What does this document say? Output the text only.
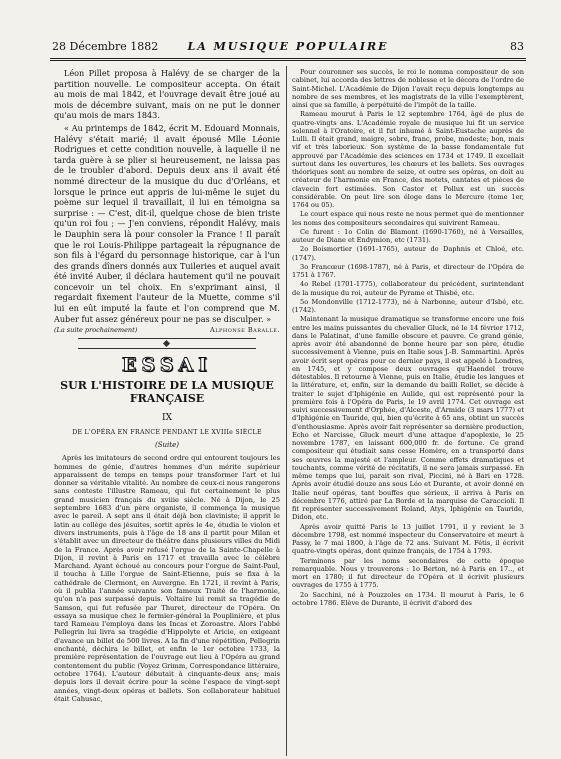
28 Décembre 1882	LA MUSIQUE POPULAIRE	83

Léon Pillet proposa à Halévy de se charger de la partition nouvelle. Le compositeur accepta. On était au mois de mai 1842, et l'ouvrage devait être joué au mois de décembre suivant, mais on ne put le donner qu'au mois de mars 1843.

« Au printemps de 1842, écrit M. Edouard Monnais, Halévy s'était marié; il avait épousé Mlle Léonie Rodrigues et cette condition nouvelle, à laquelle il ne tarda guère à se plier si heureusement, ne laissa pas de le troubler d'abord. Depuis deux ans il avait été nommé directeur de la musique du duc d'Orléans, et lorsque le prince eut appris de lui-même le sujet du poème sur lequel il travaillait, il lui en témoigna sa surprise : — C'est, dit-il, quelque chose de bien triste qu'un roi fou ; — J'en conviens, répondit Halévy, mais le Dauphin sera là pour consoler la France ! Il paraît que le roi Louis-Philippe partageait la répugnance de son fils à l'égard du personnage historique, car à l'un des grands dîners donnés aux Tuileries et auquel avait été invité Auber, il déclara hautement qu'il ne pouvait concevoir un tel choix. En s'exprimant ainsi, il regardait fixement l'auteur de la Muette, comme s'il lui en eût imputé la faute et l'on comprend que M. Auber fut assez généreux pour ne pas se disculper. »

(La suite prochainement)	Alphonse Baralle.
ESSAI
SUR L'HISTOIRE DE LA MUSIQUE FRANÇAISE
IX
DE L'OPÉRA EN FRANCE PENDANT LE XVIIIe SIÈCLE
(Suite)

Après les imitateurs de second ordre qui entourent toujours les hommes de génie, d'autres hommes d'un mérite supérieur apparaissent de temps en temps pour transformer l'art et lui donner sa véritable vitalité. Au nombre de ceux-ci nous rangerons sans conteste l'illustre Rameau, qui fut certainement le plus grand musicien français du xviiie siècle. Né à Dijon, le 25 septembre 1683 d'un père organiste, il commença la musique avec le pareil. A sept ans il était déjà bon claviniste; il apprit le latin au collège des jésuites, sortit après le 4e, étudia le violon et divers instruments, puis à l'âge de 18 ans il partit pour Milan et s'établit avec un directeur de théâtre dans plusieurs villes du Midi de la France. Après avoir refusé l'orgue de la Sainte-Chapelle à Dijon, il revint à Paris en 1717 et travailla avec le célèbre Marchand. Ayant échoué au concours pour l'orgue de Saint-Paul, il toucha à Lille l'orgue de Saint-Etienne, puis se fixa à la cathédrale de Clermont, en Auvergne. En 1721, il revint à Paris, où il publia l'année suivante son fameux Traité de l'harmonie, qu'on n'a pas surpassé depuis. Voltaire lui remit sa tragédie de Samson, qui fut refusée par Thuret, directeur de l'Opéra. On essaya sa musique chez le fermier-général la Pouplinière, et plus tard Rameau l'employa dans les Incas et Zoroastre. Alors l'abbé Pellegrin lui livra sa tragédie d'Hippolyte et Aricie, en exigeant d'avance un billet de 500 livres. A la fin d'une répétition, Pellegrin enchanté, déchira le billet, et enfin le 1er octobre 1733, la première représentation de l'ouvrage eut lieu à l'Opéra au grand contentement du public (Voyez Grimm, Correspondance littéraire, octobre 1764). L'auteur débutait à cinquante-deux ans; mais depuis lors il devait écrire pour la scène l'espace de vingt-sept années, vingt-deux opéras et ballets. Son collaborateur habituel était Cahusac,

Pour couronner ses succès, le roi le nomma compositeur de son cabinet, lui accorda des lettres de noblesse et le décora de l'ordre de Saint-Michel. L'Académie de Dijon l'avait reçu depuis longtemps au nombre de ses membres, et les magistrats de la ville l'exemptèrent, ainsi que sa famille, à perpétuité de l'impôt de la taille.

Rameau mourut à Paris le 12 septembre 1764, âgé de plus de quatre-vingts ans. L'Académie royale de musique lui fit un service solennel à l'Oratoire, et il fut inhumé à Saint-Eustache auprès de Lulli. Il était grand, maigre, sobre, franc, probe, modeste; bon, mais vif et très laborieux. Son système de la basse fondamentale fut approuvé par l'Académie des sciences en 1734 et 1749. Il excellait surtout dans les ouvertures, les chœurs et les ballets. Ses ouvrages théoriques sont au nombre de seize, et outre ses opéras, on doit au créateur de l'harmonie en France, des motets, cantates et pièces de clavecin fort estimées. Son Castor et Pollux est un succès considérable. On peut lire son éloge dans le Mercure (tome 1er, 1764 ou 05).

Le court espace qui nous reste ne nous permet que de mentionner les noms des compositeurs secondaires qui suivirent Rameau.

Ce furent : 1o Colin de Blamont (1690-1760), né à Versailles, auteur de Diane et Endymion, etc (1731).

2o Boismortier (1691-1765), auteur de Daphnis et Chloé, etc. (1747).

3o Francœur (1698-1787), né à Paris, et directeur de l'Opéra de 1751 à 1767.

4o Rebel (1701-1775), collaborateur du précédent, surintendant de la musique du roi, auteur de Pyrame et Thisbé, etc.

5o Mondonville (1712-1773), né à Narbonne, auteur d'Isbé, etc. (1742).

Maintenant la musique dramatique se transforme encore une fois entre les mains puissantes du chevalier Gluck, né le 14 février 1712, dans le Palatinat, d'une famille obscure et pauvre. Ce grand génie, après avoir été abandonné de bonne heure par son père, étudie successivement à Vienne, puis en Italie sous J.-B. Sammartini. Après avoir écrit sept opéras pour ce dernier pays, il est appelé à Londres, en 1745, et y compose deux ouvrages qu'Haendel trouve détestables. Il retourne à Vienne, puis en Italie, étudie les langues et la littérature, et, enfin, sur la demande du bailli Rollet, se décide à traiter le sujet d'Iphigénie en Aulide, qui est représenté pour la première fois à l'Opéra de Paris, le 19 avril 1774. Cet ouvrage est suivi successivement d'Orphée, d'Alceste, d'Armide (3 mars 1777) et d'Iphigénie en Tauride, qui, bien qu'écrite à 65 ans, obtint un succès d'enthousiasme. Après avoir fait représenter sa dernière production, Echo et Narcisse, Gluck meurt d'une attaque d'apoplexie, le 25 novembre 1787, en laissant 600,000 fr. de fortune. Ce grand compositeur qui étudiait sans cesse Homère, en a transporté dans ses œuvres la majesté et l'ampleur. Comme effets dramatiques et touchants, comme vérité de récitatifs, il ne sera jamais surpassé. En même temps que lui, parait son rival, Piccini, né à Bari en 1728. Après avoir étudié douze ans sous Léo et Durante, et avoir donné en Italie neuf opéras, tant bouffes que sérieux, il arriva à Paris en décembre 1776, attiré par La Borde et la marquise de Caraccioli. Il fit représenter successivement Roland, Atys, Iphigénie en Tauride, Didon, etc.

Après avoir quitté Paris le 13 juillet 1791, il y revient le 3 décembre 1798, est nommé inspecteur du Conservatoire et meurt à Passy, le 7 mai 1800, à l'âge de 72 ans. Suivant M. Fétis, il écrivit quatre-vingts opéras, dont quinze français, de 1754 à 1793.

Terminons par les noms secondaires de cette époque remarquable. Nous y trouverons : 1o Berton, né à Paris en 17.., et mort en 1780; il fut directeur de l'Opéra et il écrivit plusieurs ouvrages de 1755 à 1775.

2o Sacchini, né à Pouzzoles en 1734. Il mourut à Paris, le 6 octobre 1786. Elève de Durante, il écrivit d'abord des
